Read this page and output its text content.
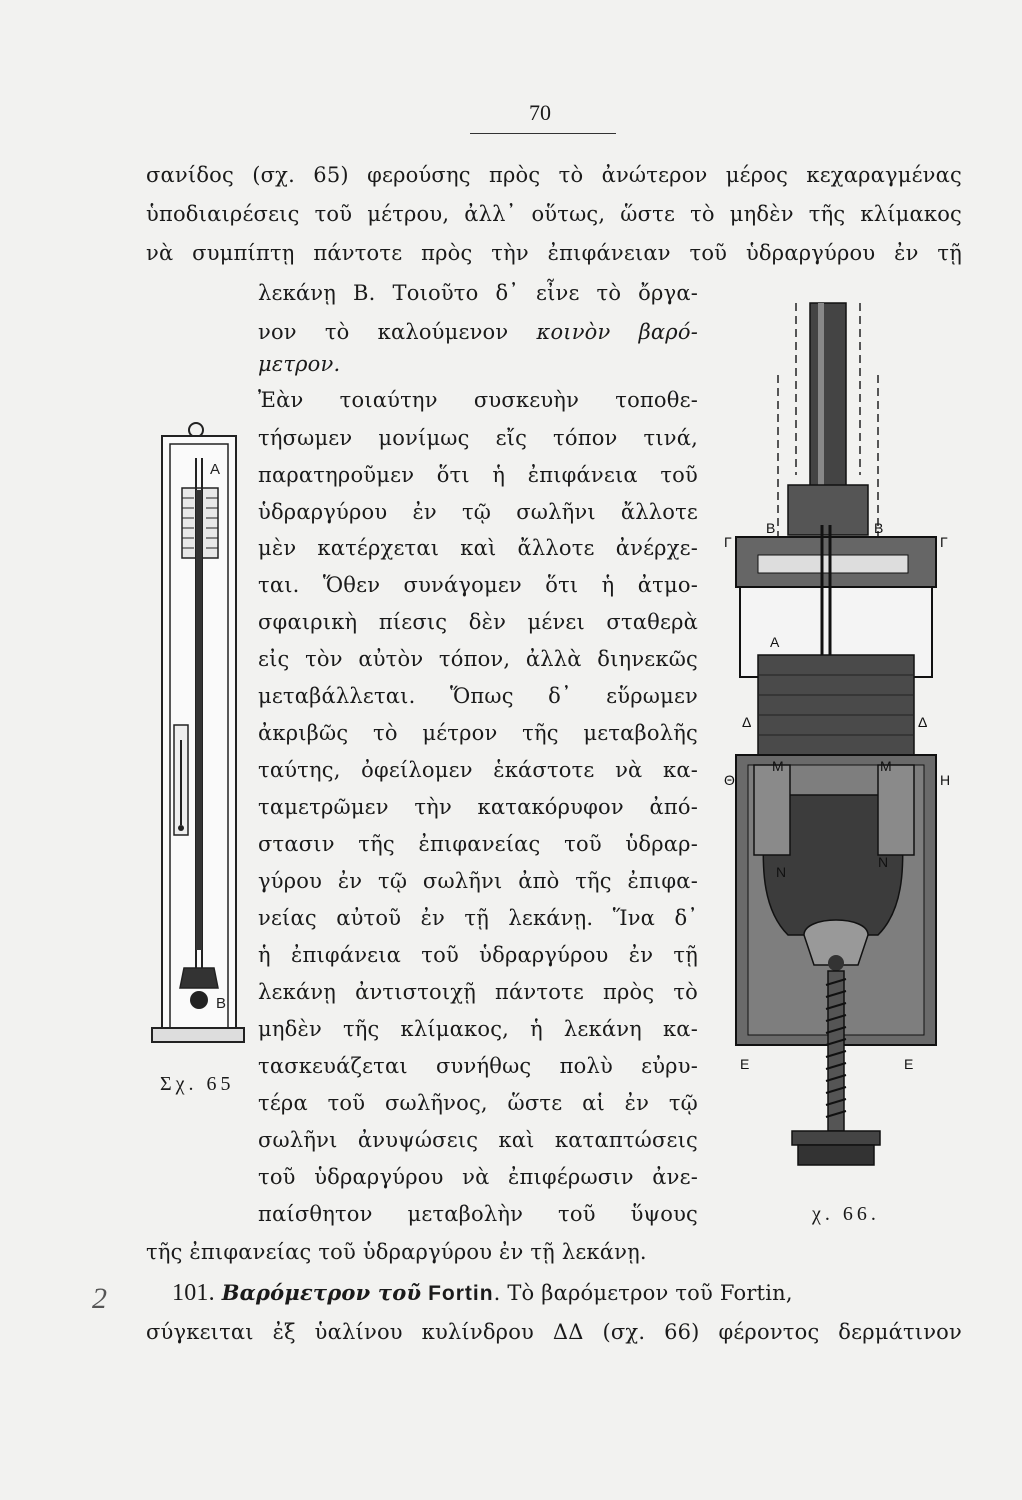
70
σανίδος (σχ. 65) φερούσης πρὸς τὸ ἀνώτερον μέρος κεχαραγμένας
ὑποδιαιρέσεις τοῦ μέτρου, ἀλλ᾽ οὕτως, ὥστε τὸ μηδὲν τῆς κλίμακος
νὰ συμπίπτῃ πάντοτε πρὸς τὴν ἐπιφάνειαν τοῦ ὑδραργύρου ἐν τῇ
λεκάνῃ Β. Τοιοῦτο δ᾽ εἶνε τὸ ὄργα-
νον τὸ καλούμενον κοινὸν βαρό-
μετρον.
Ἐὰν τοιαύτην συσκευὴν τοποθε-
τήσωμεν μονίμως εἴς τόπον τινά,
παρατηροῦμεν ὅτι ἡ ἐπιφάνεια τοῦ
ὑδραργύρου ἐν τῷ σωλῆνι ἄλλοτε
μὲν κατέρχεται καὶ ἄλλοτε ἀνέρχε-
ται. Ὅθεν συνάγομεν ὅτι ἡ ἀτμο-
σφαιρικὴ πίεσις δὲν μένει σταθερὰ
εἰς τὸν αὐτὸν τόπον, ἀλλὰ διηνεκῶς
μεταβάλλεται. Ὅπως δ᾽ εὕρωμεν
ἀκριβῶς τὸ μέτρον τῆς μεταβολῆς
ταύτης, ὀφείλομεν ἑκάστοτε νὰ κα-
ταμετρῶμεν τὴν κατακόρυφον ἀπό-
στασιν τῆς ἐπιφανείας τοῦ ὑδραρ-
γύρου ἐν τῷ σωλῆνι ἀπὸ τῆς ἐπιφα-
νείας αὐτοῦ ἐν τῇ λεκάνῃ. Ἵνα δ᾽
ἡ ἐπιφάνεια τοῦ ὑδραργύρου ἐν τῇ
λεκάνῃ ἀντιστοιχῇ πάντοτε πρὸς τὸ
μηδὲν τῆς κλίμακος, ἡ λεκάνη κα-
τασκευάζεται συνήθως πολὺ εὐρυ-
τέρα τοῦ σωλῆνος, ὥστε αἱ ἐν τῷ
σωλῆνι ἀνυψώσεις καὶ καταπτώσεις
τοῦ ὑδραργύρου νὰ ἐπιφέρωσιν ἀνε-
παίσθητον μεταβολὴν τοῦ ὕψους
τῆς ἐπιφανείας τοῦ ὑδραργύρου ἐν τῇ λεκάνῃ.
101. Βαρόμετρον τοῦ Fortin. Τὸ βαρόμετρον τοῦ Fortin,
σύγκειται ἐξ ὑαλίνου κυλίνδρου ΔΔ (σχ. 66) φέροντος δερμάτινον
2
A
B
Σχ. 65
B	B
Γ	Γ
A
Δ	Δ
Θ	Η
M	M
N
N
E	E
χ. 66.
